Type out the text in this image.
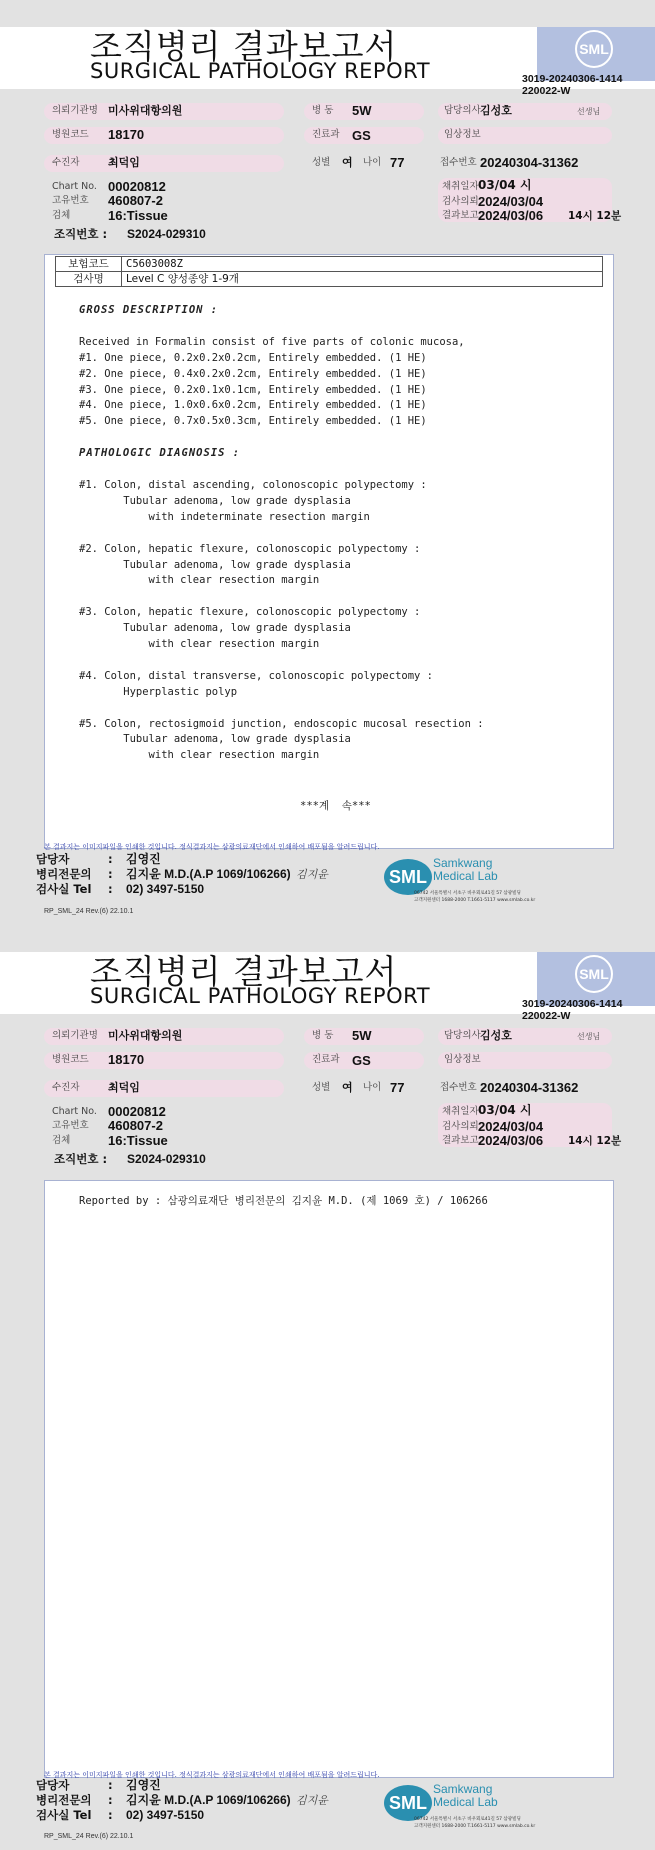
조직병리 결과보고서
SURGICAL PATHOLOGY REPORT
SML
3019-20240306-1414
220022-W
의뢰기관명 미사위대항의원	병 동 5W	담당의사 김성호	선생님
병원코드 18170	진료과 GS	임상정보
수진자	최덕임	성별 여 나이 77	접수번호 20240304-31362
Chart No. 00020812
고유번호 460807-2
검체	16:Tissue
채취일자 03/04 시
검사의뢰 2024/03/04
결과보고 2024/03/06 14시 12분
조직번호 : S2024-029310
보험코드	C5603008Z
검사명	Level C 양성종양 1-9개
GROSS DESCRIPTION :

Received in Formalin consist of five parts of colonic mucosa,
#1. One piece, 0.2x0.2x0.2cm, Entirely embedded. (1 HE)
#2. One piece, 0.4x0.2x0.2cm, Entirely embedded. (1 HE)
#3. One piece, 0.2x0.1x0.1cm, Entirely embedded. (1 HE)
#4. One piece, 1.0x0.6x0.2cm, Entirely embedded. (1 HE)
#5. One piece, 0.7x0.5x0.3cm, Entirely embedded. (1 HE)

PATHOLOGIC DIAGNOSIS :

#1. Colon, distal ascending, colonoscopic polypectomy :
Tubular adenoma, low grade dysplasia
with indeterminate resection margin

#2. Colon, hepatic flexure, colonoscopic polypectomy :
Tubular adenoma, low grade dysplasia
with clear resection margin

#3. Colon, hepatic flexure, colonoscopic polypectomy :
Tubular adenoma, low grade dysplasia
with clear resection margin

#4. Colon, distal transverse, colonoscopic polypectomy :
Hyperplastic polyp

#5. Colon, rectosigmoid junction, endoscopic mucosal resection :
Tubular adenoma, low grade dysplasia
with clear resection margin
***계  속***
본 결과지는 이미지파일을 인쇄한 것입니다. 정식결과지는 삼광의료재단에서 인쇄하여 배포됨을 알려드립니다.
담당자	: 김영진
병리전문의 : 김지윤 M.D.(A.P 1069/106266) 김지윤
검사실 Tel : 02) 3497-5150
RP_SML_24 Rev.(6) 22.10.1
SML
Samkwang
Medical Lab
06742 서울특별시 서초구 바우뫼로41길 57 삼광빌딩
고객지원센터 1688-2000 T.1661-5117 www.smlab.co.kr
조직병리 결과보고서
SURGICAL PATHOLOGY REPORT
SML
3019-20240306-1414
220022-W
의뢰기관명 미사위대항의원	병 동 5W	담당의사 김성호	선생님
병원코드 18170	진료과 GS	임상정보
수진자	최덕임	성별 여 나이 77	접수번호 20240304-31362
Chart No. 00020812
고유번호 460807-2
검체	16:Tissue
채취일자 03/04 시
검사의뢰 2024/03/04
결과보고 2024/03/06 14시 12분
조직번호 : S2024-029310
Reported by : 삼광의료재단 병리전문의 김지윤 M.D. (제 1069 호) / 106266
본 결과지는 이미지파일을 인쇄한 것입니다. 정식결과지는 삼광의료재단에서 인쇄하여 배포됨을 알려드립니다.
담당자	: 김영진
병리전문의 : 김지윤 M.D.(A.P 1069/106266) 김지윤
검사실 Tel : 02) 3497-5150
RP_SML_24 Rev.(6) 22.10.1
SML
Samkwang
Medical Lab
06742 서울특별시 서초구 바우뫼로41길 57 삼광빌딩
고객지원센터 1688-2000 T.1661-5117 www.smlab.co.kr
